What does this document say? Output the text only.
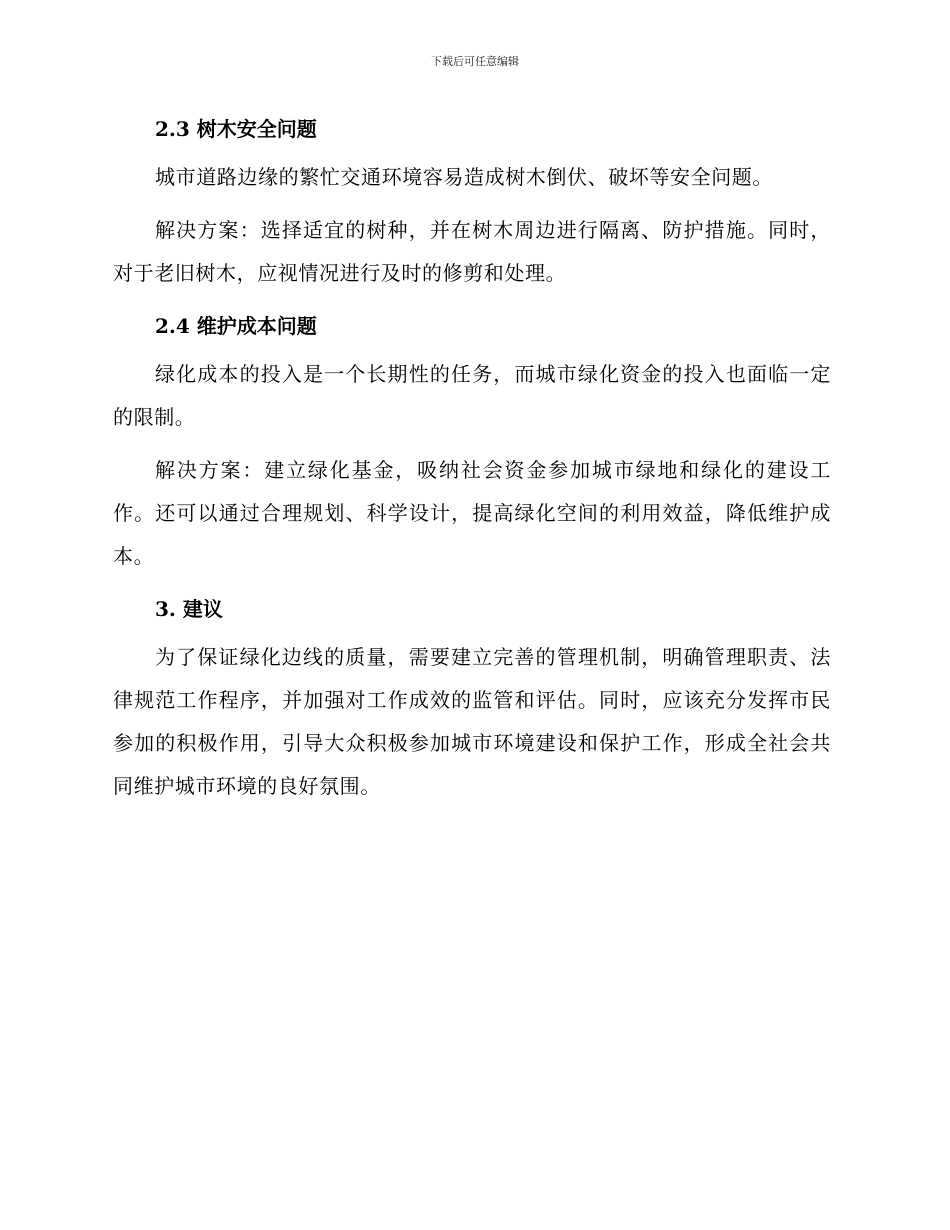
下载后可任意编辑
2.3 树木安全问题

城市道路边缘的繁忙交通环境容易造成树木倒伏、破坏等安全问题。

解决方案：选择适宜的树种，并在树木周边进行隔离、防护措施。同时，对于老旧树木，应视情况进行及时的修剪和处理。

2.4 维护成本问题

绿化成本的投入是一个长期性的任务，而城市绿化资金的投入也面临一定的限制。

解决方案：建立绿化基金，吸纳社会资金参加城市绿地和绿化的建设工作。还可以通过合理规划、科学设计，提高绿化空间的利用效益，降低维护成本。

3. 建议

为了保证绿化边线的质量，需要建立完善的管理机制，明确管理职责、法律规范工作程序，并加强对工作成效的监管和评估。同时，应该充分发挥市民参加的积极作用，引导大众积极参加城市环境建设和保护工作，形成全社会共同维护城市环境的良好氛围。
